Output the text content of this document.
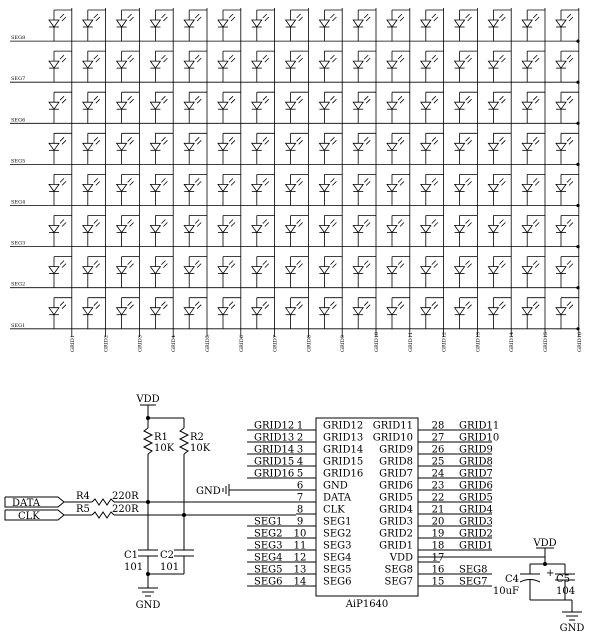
SEG8
SEG7
SEG6
SEG5
SEG4
SEG3
SEG2
SEG1
GRID1	GRID2	GRID3	GRID4	GRID5	GRID6	GRID7	GRID8	GRID9	GRID10	GRID11	GRID12	GRID13	GRID14	GRID15	GRID16
GRID12 1 GRID12 GRID11 28 GRID11
GRID13 2 GRID13 GRID10 27 GRID10
GRID14 3 GRID14 GRID9 26 GRID9
GRID15 4 GRID15 GRID8 25 GRID8
GRID16 5 GRID16 GRID7 24 GRID7
6 GND	GRID6 23 GRID6
7 DATA	GRID5 22 GRID5
8 CLK	GRID4 21 GRID4
SEG1 9 SEG1	GRID3 20 GRID3
SEG2 10 SEG2	GRID2 19 GRID2
SEG3 11 SEG3	GRID1 18 GRID1
SEG4 12 SEG4	VDD 17
SEG5 13 SEG5	SEG8 16 SEG8
SEG6 14 SEG6	SEG7 15 SEG7
VDD
R1
10K
R2
10K
R4 220R
R5 220R
DATA
CLK
GND
C1
101
C2
101
GND	AiP1640
VDD
+
C4
10uF
C5
104
GND
